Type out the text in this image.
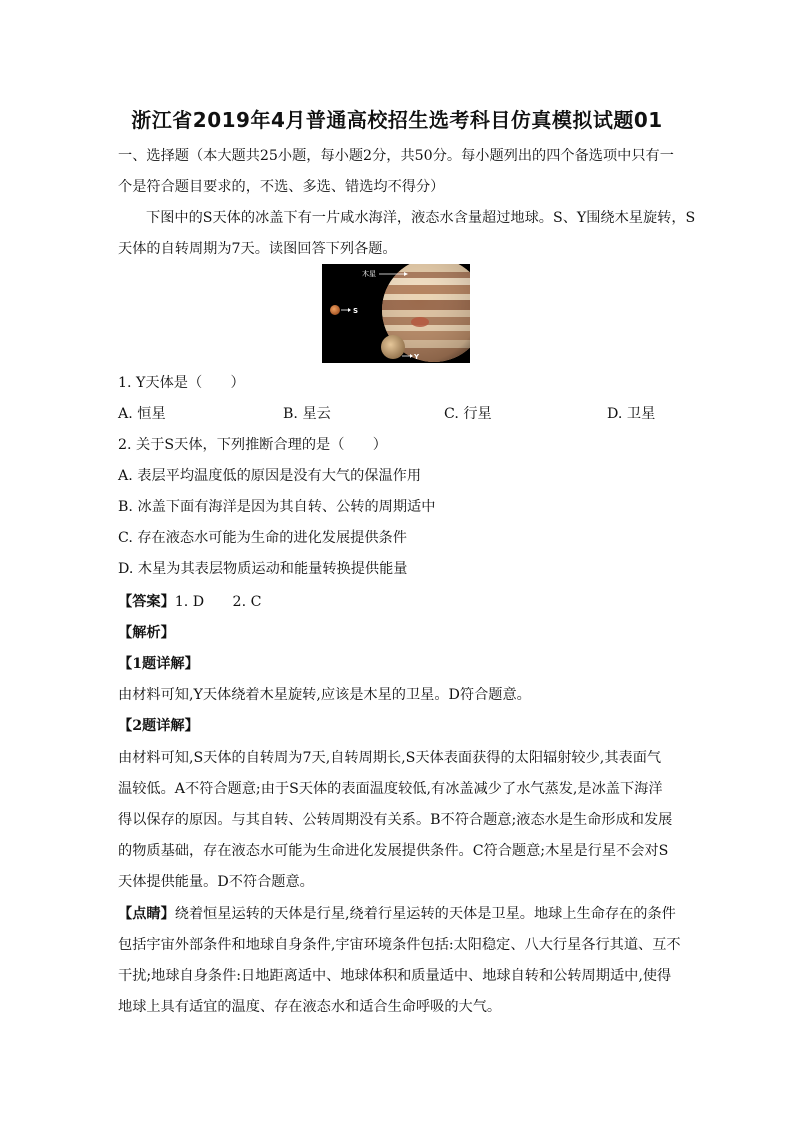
浙江省2019年4月普通高校招生选考科目仿真模拟试题01
一、选择题（本大题共25小题，每小题2分，共50分。每小题列出的四个备选项中只有一
个是符合题目要求的，不选、多选、错选均不得分）
下图中的S天体的冰盖下有一片咸水海洋，液态水含量超过地球。S、Y围绕木星旋转，S
天体的自转周期为7天。读图回答下列各题。
木星
S
Y
1. Y天体是（　　）
A. 恒星	B. 星云	C. 行星	D. 卫星
2. 关于S天体，下列推断合理的是（　　）
A. 表层平均温度低的原因是没有大气的保温作用
B. 冰盖下面有海洋是因为其自转、公转的周期适中
C. 存在液态水可能为生命的进化发展提供条件
D. 木星为其表层物质运动和能量转换提供能量
【答案】1. D　　2. C
【解析】
【1题详解】
由材料可知,Y天体绕着木星旋转,应该是木星的卫星。D符合题意。
【2题详解】
由材料可知,S天体的自转周为7天,自转周期长,S天体表面获得的太阳辐射较少,其表面气
温较低。A不符合题意;由于S天体的表面温度较低,有冰盖减少了水气蒸发,是冰盖下海洋
得以保存的原因。与其自转、公转周期没有关系。B不符合题意;液态水是生命形成和发展
的物质基础，存在液态水可能为生命进化发展提供条件。C符合题意;木星是行星不会对S
天体提供能量。D不符合题意。
【点睛】绕着恒星运转的天体是行星,绕着行星运转的天体是卫星。地球上生命存在的条件
包括宇宙外部条件和地球自身条件,宇宙环境条件包括:太阳稳定、八大行星各行其道、互不
干扰;地球自身条件:日地距离适中、地球体积和质量适中、地球自转和公转周期适中,使得
地球上具有适宜的温度、存在液态水和适合生命呼吸的大气。
